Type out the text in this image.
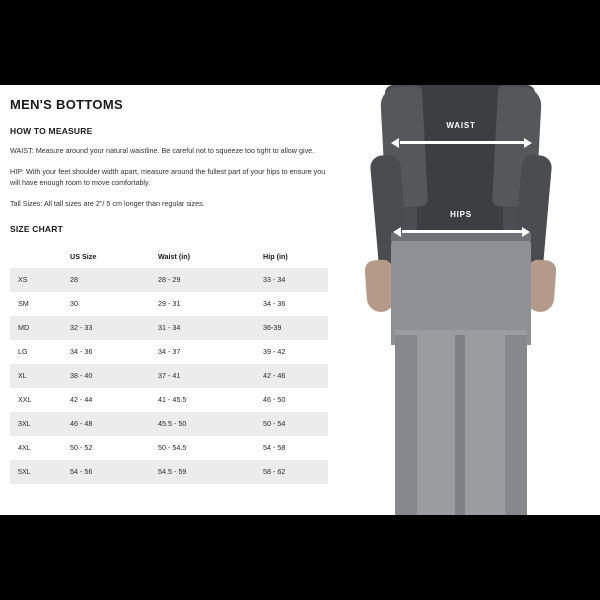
MEN'S BOTTOMS
HOW TO MEASURE

WAIST: Measure around your natural waistline. Be careful not to squeeze too tight to allow give.

HIP: With your feet shoulder width apart, measure around the fullest part of your hips to ensure you will have enough room to move comfortably.

Tall Sizes: All tall sizes are 2"/ 5 cm longer than regular sizes.

SIZE CHART
	US Size	Waist (in)	Hip (in)
XS	28	28 - 29	33 - 34
SM	30	29 - 31	34 - 36
MD	32 - 33	31 - 34	36-39
LG	34 - 36	34 - 37	39 - 42
XL	38 - 40	37 - 41	42 - 46
XXL	42 - 44	41 - 45.5	46 - 50
3XL	46 - 48	45.5 - 50	50 - 54
4XL	50 - 52	50 - 54.5	54 - 58
5XL	54 - 56	54.5 - 59	58 - 62
WAIST
HIPS
